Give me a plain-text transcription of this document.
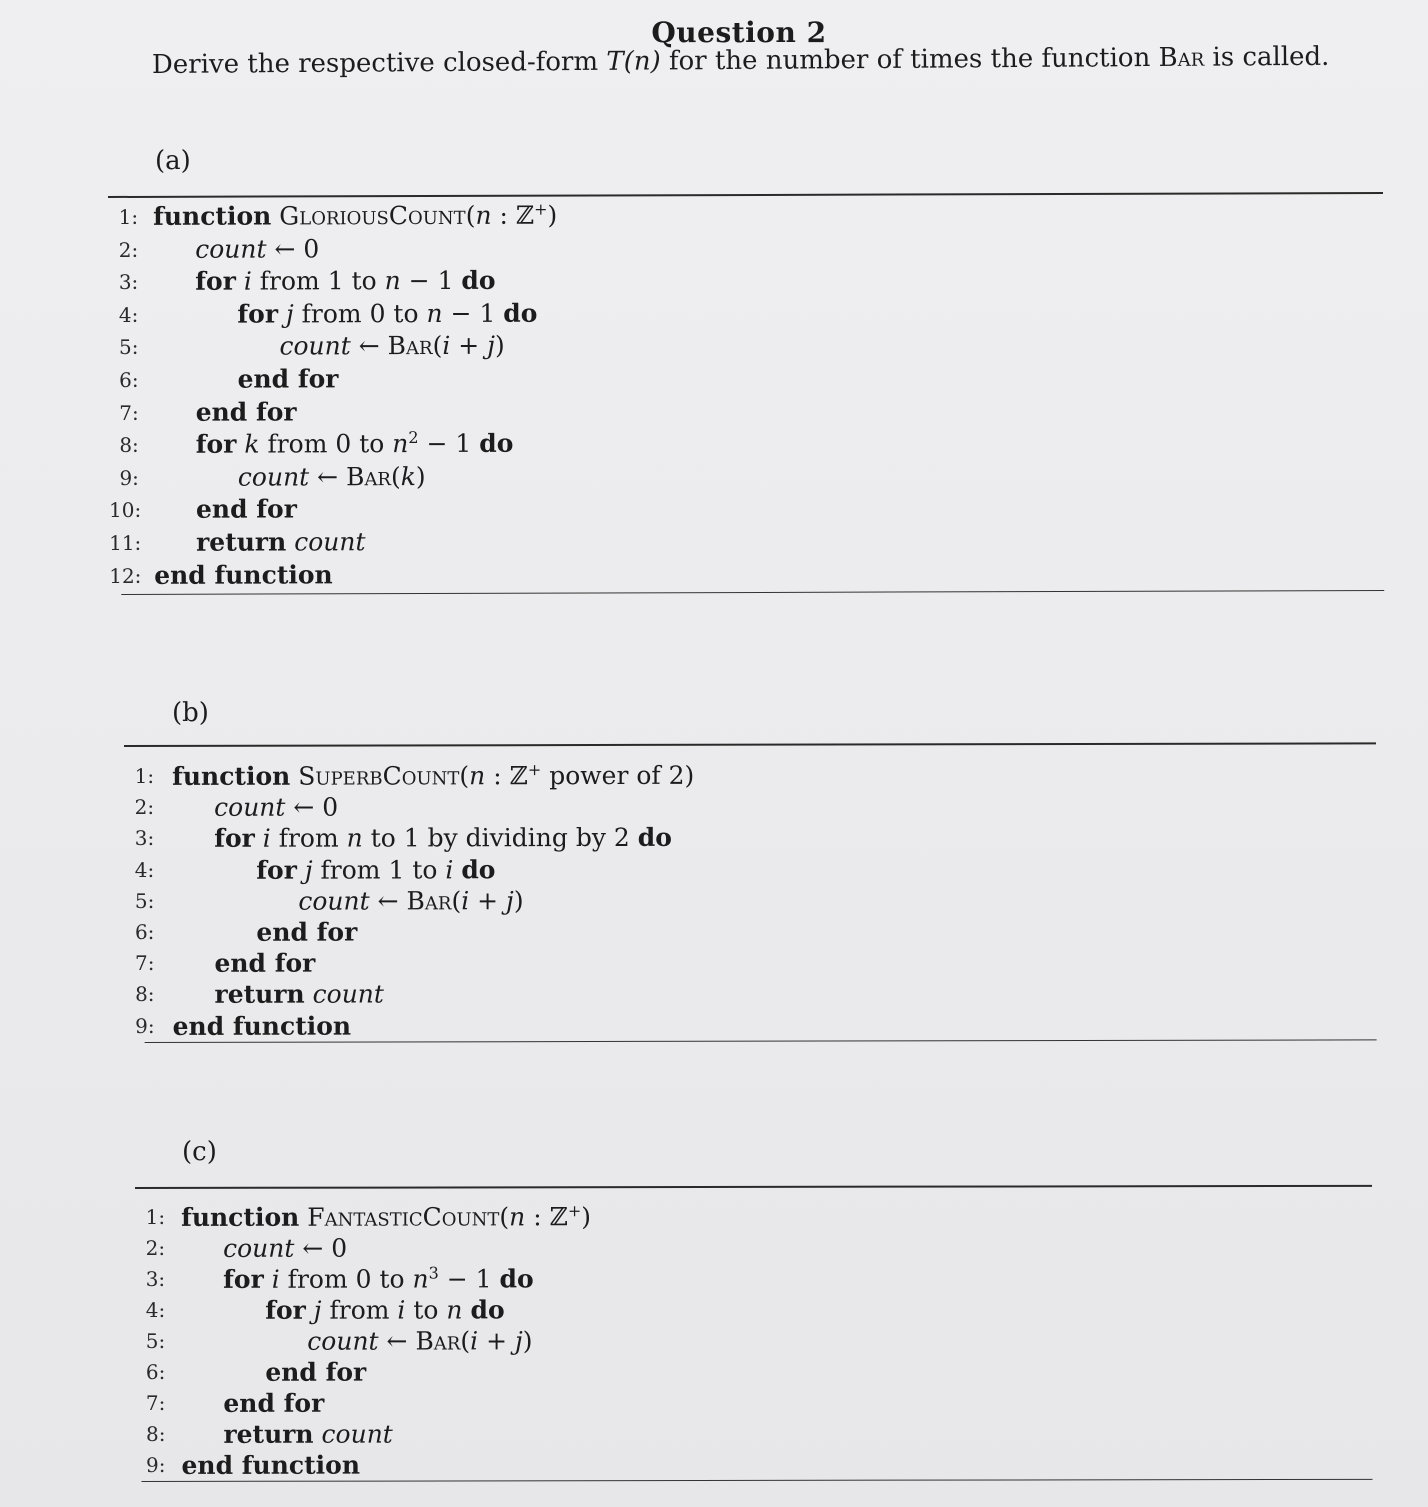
Question 2
Derive the respective closed-form T(n) for the number of times the function Bar is called.
(a)
1: function GloriousCount(n : ℤ+)
2: count ← 0
3: for i from 1 to n − 1 do
4:	for j from 0 to n − 1 do
5:	count ← Bar(i + j)
6:	end for
7: end for
8: for k from 0 to $n^2 - 1$ do
9:	count ← Bar(k)
10: end for
11: return count
12: end function
(b)
1: function SuperbCount(n : ℤ+ power of 2)
2: count ← 0
3: for i from n to 1 by dividing by 2 do
4:	for j from 1 to i do
5:	count ← Bar(i + j)
6:	end for
7: end for
8: return count
9: end function
(c)
1: function FantasticCount(n : ℤ+)
2: count ← 0
3: for i from 0 to $n^3 - 1$ do
4:	for j from i to n do
5:	count ← Bar(i + j)
6:	end for
7: end for
8: return count
9: end function
